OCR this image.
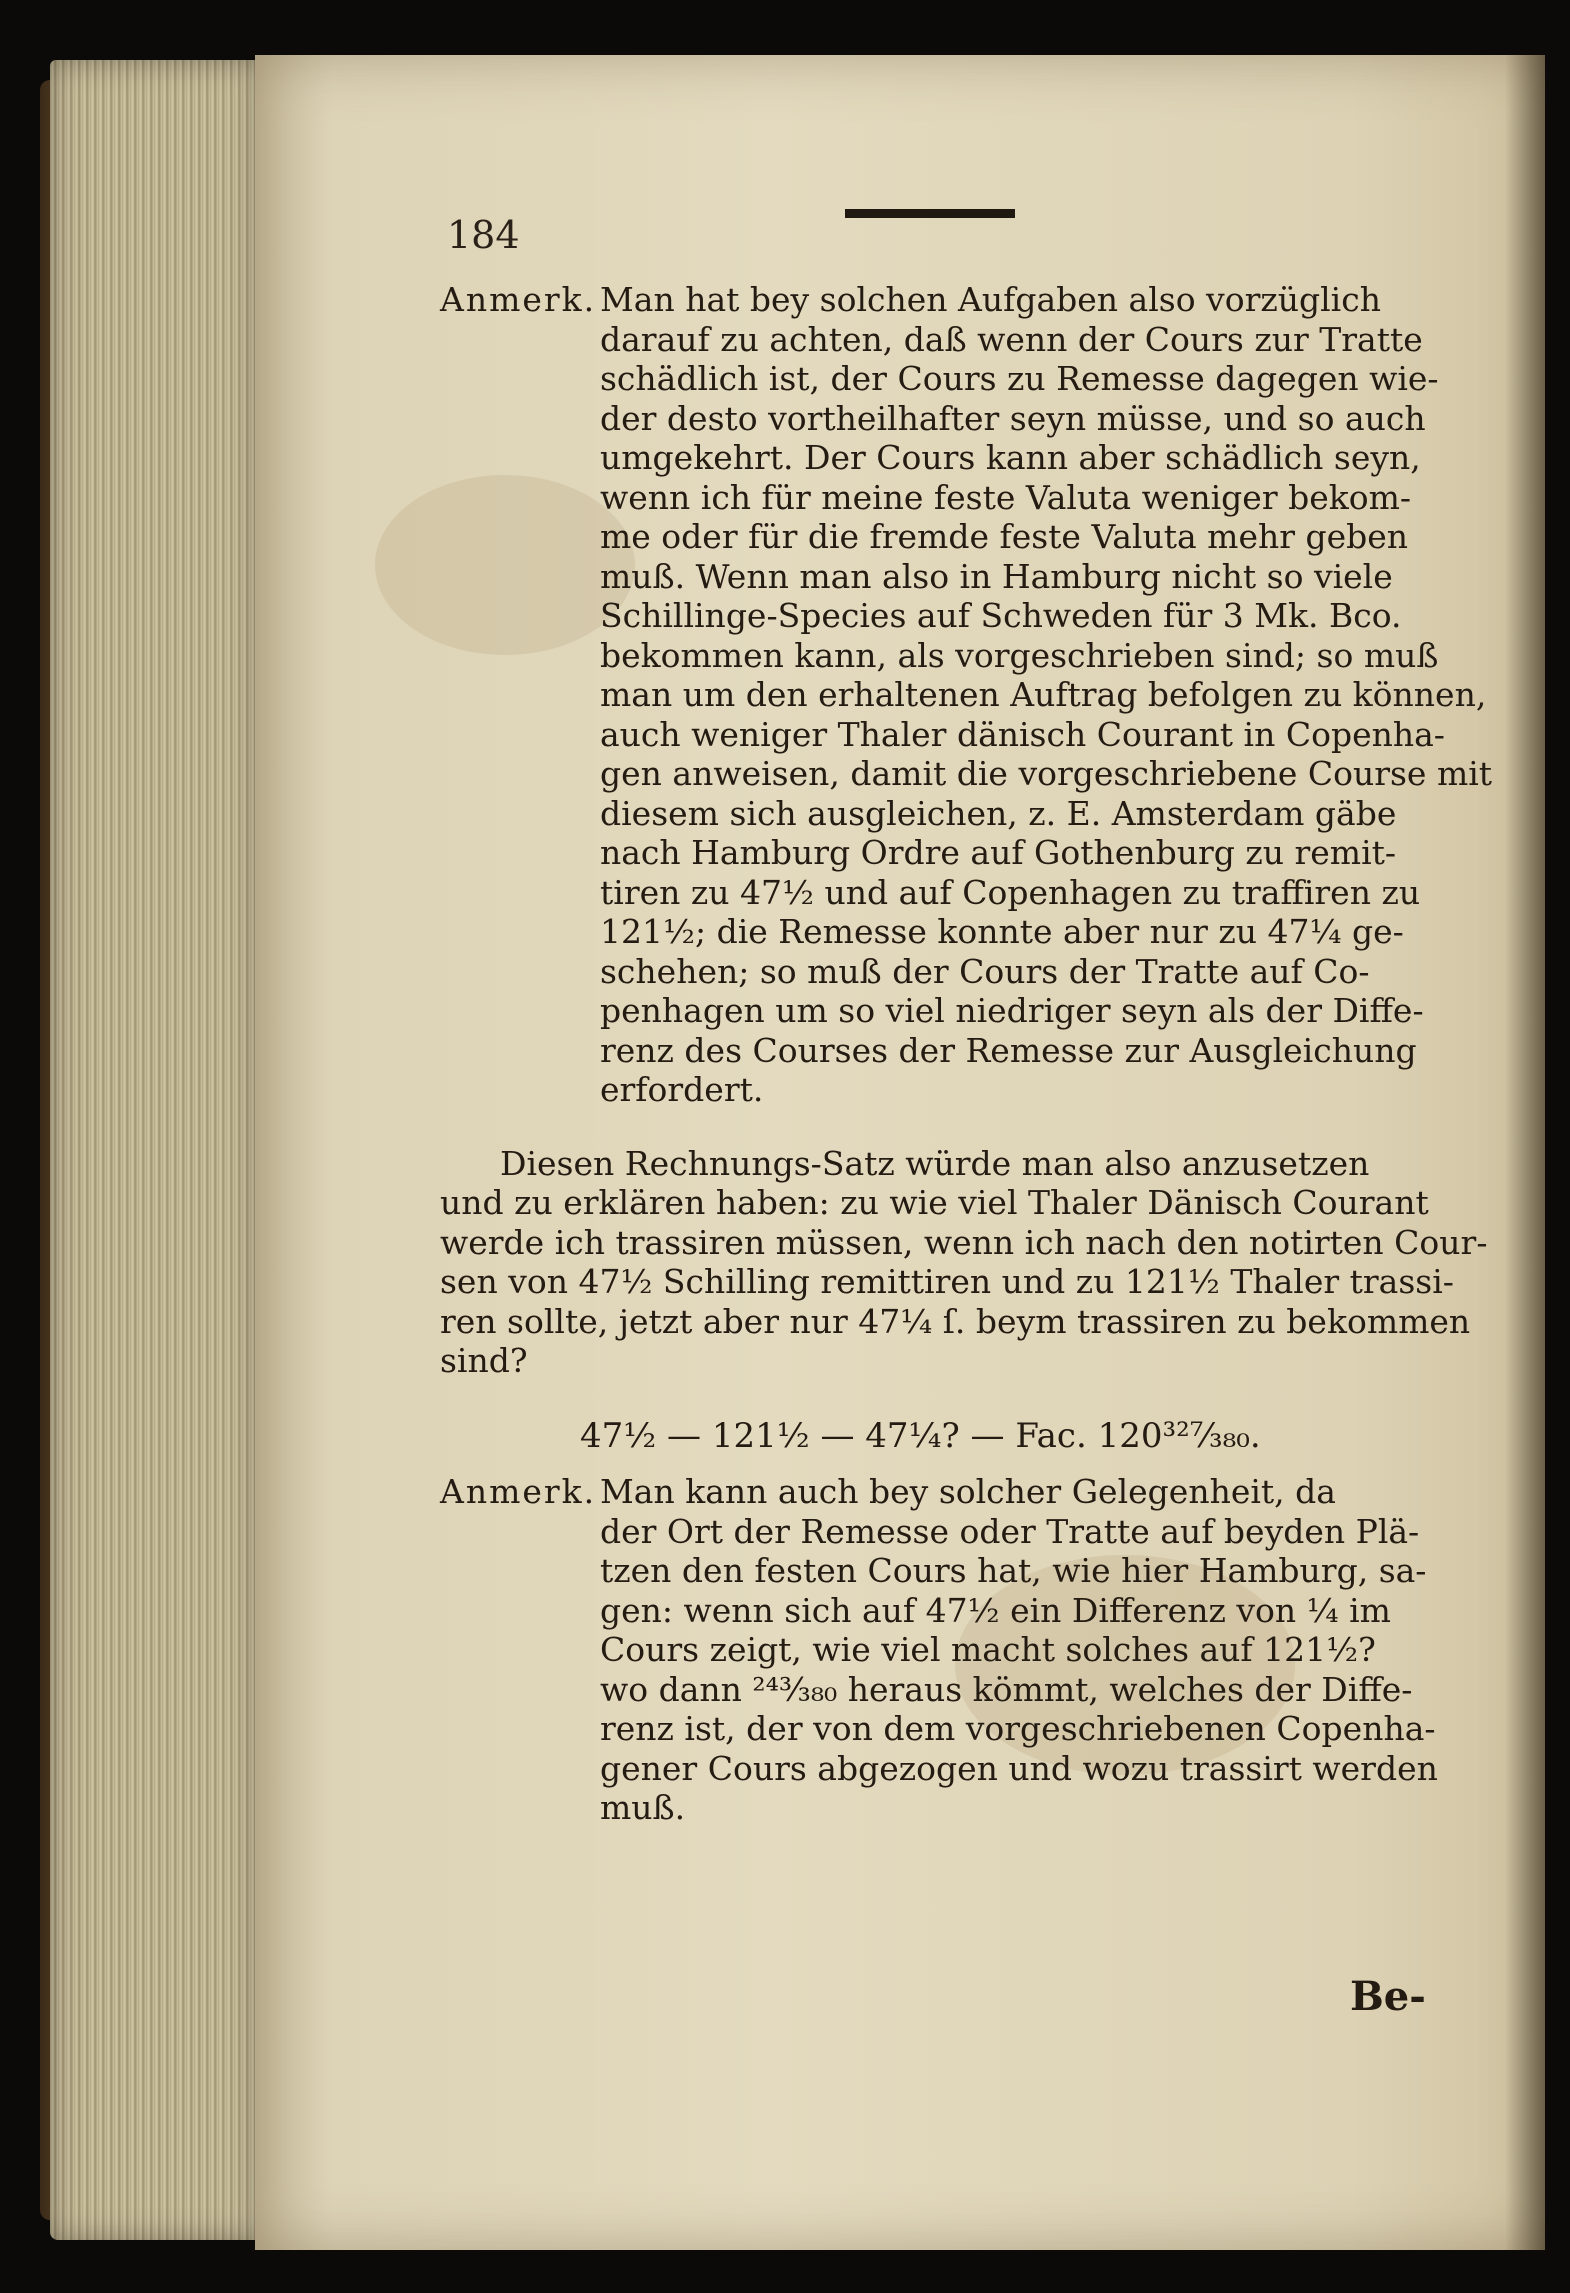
184
Anmerk. Man hat bey solchen Aufgaben also vorzüglich
darauf zu achten, daß wenn der Cours zur Tratte
schädlich ist, der Cours zu Remesse dagegen wie-
der desto vortheilhafter seyn müsse, und so auch
umgekehrt. Der Cours kann aber schädlich seyn,
wenn ich für meine feste Valuta weniger bekom-
me oder für die fremde feste Valuta mehr geben
muß. Wenn man also in Hamburg nicht so viele
Schillinge-Species auf Schweden für 3 Mk. Bco.
bekommen kann, als vorgeschrieben sind; so muß
man um den erhaltenen Auftrag befolgen zu können,
auch weniger Thaler dänisch Courant in Copenha-
gen anweisen, damit die vorgeschriebene Course mit
diesem sich ausgleichen, z. E. Amsterdam gäbe
nach Hamburg Ordre auf Gothenburg zu remit-
tiren zu 47½ und auf Copenhagen zu traffiren zu
121½; die Remesse konnte aber nur zu 47¼ ge-
schehen; so muß der Cours der Tratte auf Co-
penhagen um so viel niedriger seyn als der Diffe-
renz des Courses der Remesse zur Ausgleichung
erfordert.
Diesen Rechnungs-Satz würde man also anzusetzen
und zu erklären haben: zu wie viel Thaler Dänisch Courant
werde ich trassiren müssen, wenn ich nach den notirten Cour-
sen von 47½ Schilling remittiren und zu 121½ Thaler trassi-
ren sollte, jetzt aber nur 47¼ ſ. beym trassiren zu bekommen
sind?
47½ — 121½ — 47¼? — Fac. 120³²⁷⁄₃₈₀.
Anmerk. Man kann auch bey solcher Gelegenheit, da
der Ort der Remesse oder Tratte auf beyden Plä-
tzen den festen Cours hat, wie hier Hamburg, sa-
gen: wenn sich auf 47½ ein Differenz von ¼ im
Cours zeigt, wie viel macht solches auf 121½?
wo dann ²⁴³⁄₃₈₀ heraus kömmt, welches der Diffe-
renz ist, der von dem vorgeschriebenen Copenha-
gener Cours abgezogen und wozu trassirt werden
muß.
Be‑
